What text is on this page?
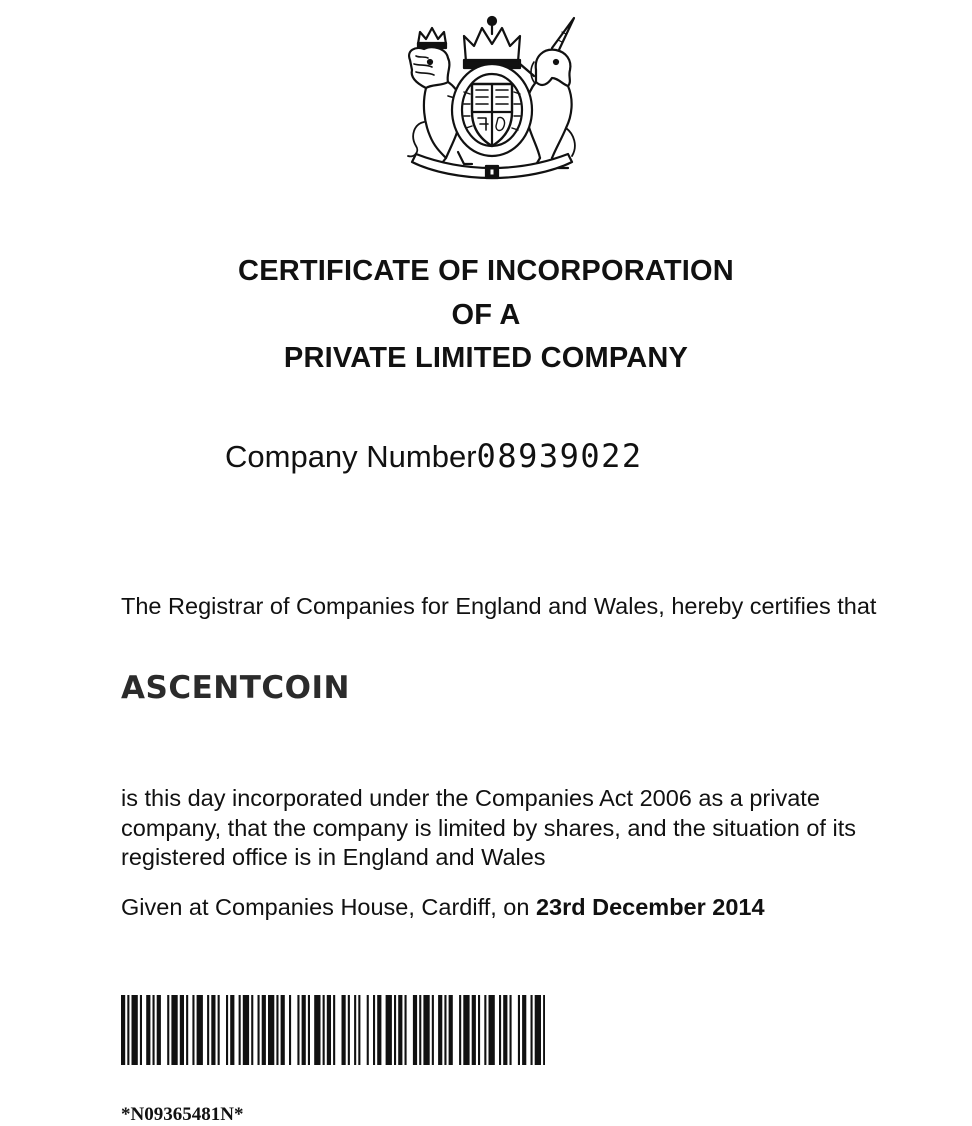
CERTIFICATE OF INCORPORATION
OF A
PRIVATE LIMITED COMPANY
Company Number08939022
The Registrar of Companies for England and Wales, hereby certifies that
ASCENTCOIN
is this day incorporated under the Companies Act 2006 as a private company, that the company is limited by shares, and the situation of its registered office is in England and Wales
Given at Companies House, Cardiff, on 23rd December 2014
*N09365481N*
